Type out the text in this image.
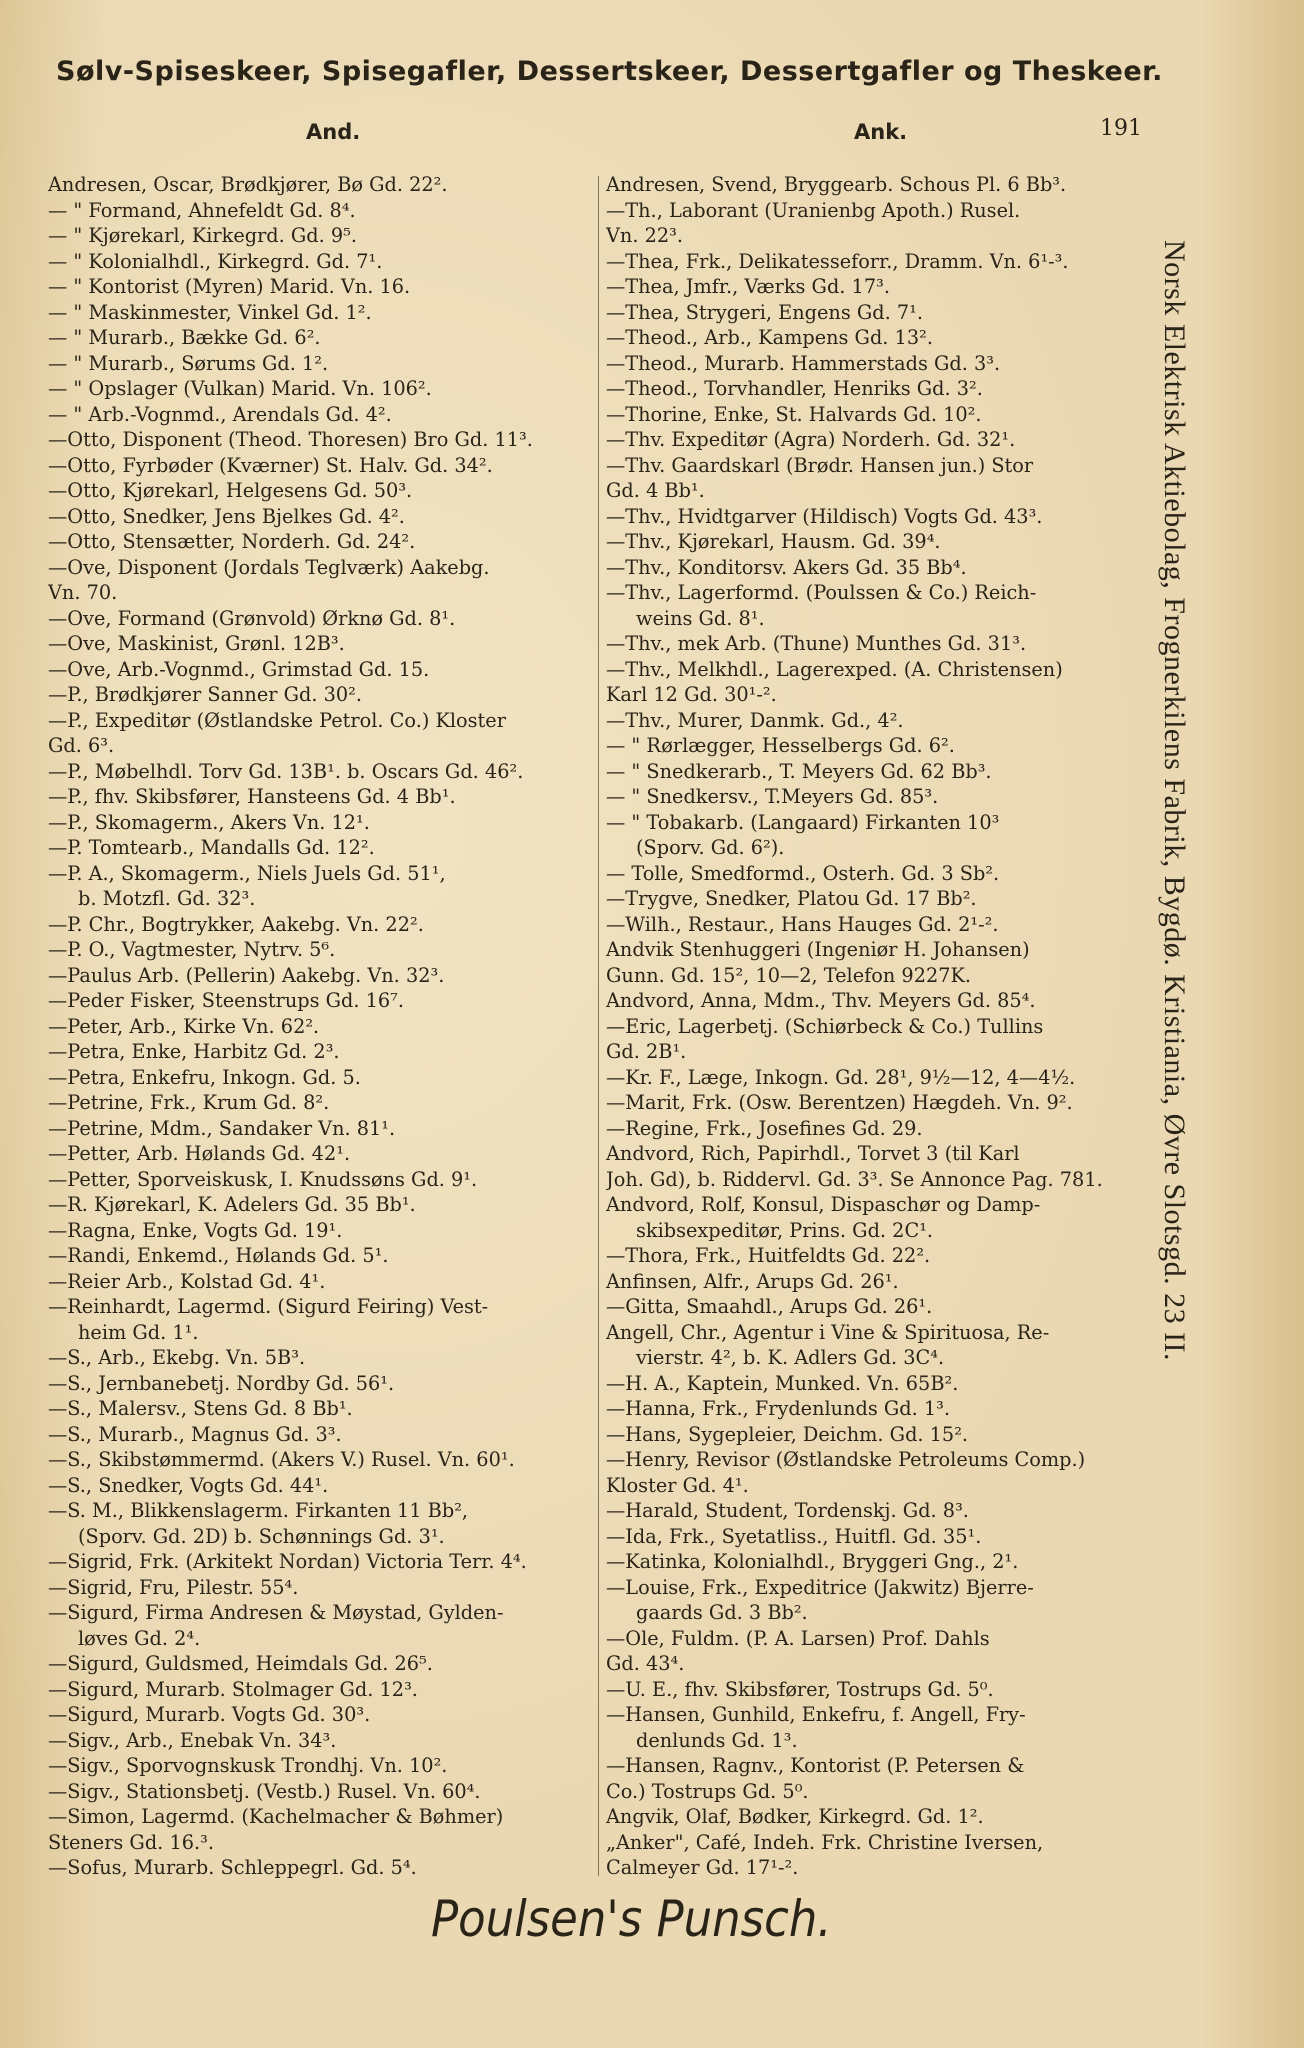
Sølv-Spiseskeer, Spisegafler, Dessertskeer, Dessertgafler og Theskeer.
And.	Ank.	191
Andresen, Oscar, Brødkjører, Bø Gd. 22².
— " Formand, Ahnefeldt Gd. 8⁴.
— " Kjørekarl, Kirkegrd. Gd. 9⁵.
— " Kolonialhdl., Kirkegrd. Gd. 7¹.
— " Kontorist (Myren) Marid. Vn. 16.
— " Maskinmester, Vinkel Gd. 1².
— " Murarb., Bække Gd. 6².
— " Murarb., Sørums Gd. 1².
— " Opslager (Vulkan) Marid. Vn. 106².
— " Arb.-Vognmd., Arendals Gd. 4².
—Otto, Disponent (Theod. Thoresen) Bro Gd. 11³.
—Otto, Fyrbøder (Kværner) St. Halv. Gd. 34².
—Otto, Kjørekarl, Helgesens Gd. 50³.
—Otto, Snedker, Jens Bjelkes Gd. 4².
—Otto, Stensætter, Norderh. Gd. 24².
—Ove, Disponent (Jordals Teglværk) Aakebg.
Vn. 70.
—Ove, Formand (Grønvold) Ørknø Gd. 8¹.
—Ove, Maskinist, Grønl. 12B³.
—Ove, Arb.-Vognmd., Grimstad Gd. 15.
—P., Brødkjører Sanner Gd. 30².
—P., Expeditør (Østlandske Petrol. Co.) Kloster
Gd. 6³.
—P., Møbelhdl. Torv Gd. 13B¹. b. Oscars Gd. 46².
—P., fhv. Skibsfører, Hansteens Gd. 4 Bb¹.
—P., Skomagerm., Akers Vn. 12¹.
—P. Tomtearb., Mandalls Gd. 12².
—P. A., Skomagerm., Niels Juels Gd. 51¹,
b. Motzfl. Gd. 32³.
—P. Chr., Bogtrykker, Aakebg. Vn. 22².
—P. O., Vagtmester, Nytrv. 5⁶.
—Paulus Arb. (Pellerin) Aakebg. Vn. 32³.
—Peder Fisker, Steenstrups Gd. 16⁷.
—Peter, Arb., Kirke Vn. 62².
—Petra, Enke, Harbitz Gd. 2³.
—Petra, Enkefru, Inkogn. Gd. 5.
—Petrine, Frk., Krum Gd. 8².
—Petrine, Mdm., Sandaker Vn. 81¹.
—Petter, Arb. Hølands Gd. 42¹.
—Petter, Sporveiskusk, I. Knudssøns Gd. 9¹.
—R. Kjørekarl, K. Adelers Gd. 35 Bb¹.
—Ragna, Enke, Vogts Gd. 19¹.
—Randi, Enkemd., Hølands Gd. 5¹.
—Reier Arb., Kolstad Gd. 4¹.
—Reinhardt, Lagermd. (Sigurd Feiring) Vest-
heim Gd. 1¹.
—S., Arb., Ekebg. Vn. 5B³.
—S., Jernbanebetj. Nordby Gd. 56¹.
—S., Malersv., Stens Gd. 8 Bb¹.
—S., Murarb., Magnus Gd. 3³.
—S., Skibstømmermd. (Akers V.) Rusel. Vn. 60¹.
—S., Snedker, Vogts Gd. 44¹.
—S. M., Blikkenslagerm. Firkanten 11 Bb²,
(Sporv. Gd. 2D) b. Schønnings Gd. 3¹.
—Sigrid, Frk. (Arkitekt Nordan) Victoria Terr. 4⁴.
—Sigrid, Fru, Pilestr. 55⁴.
—Sigurd, Firma Andresen & Møystad, Gylden-
løves Gd. 2⁴.
—Sigurd, Guldsmed, Heimdals Gd. 26⁵.
—Sigurd, Murarb. Stolmager Gd. 12³.
—Sigurd, Murarb. Vogts Gd. 30³.
—Sigv., Arb., Enebak Vn. 34³.
—Sigv., Sporvognskusk Trondhj. Vn. 10².
—Sigv., Stationsbetj. (Vestb.) Rusel. Vn. 60⁴.
—Simon, Lagermd. (Kachelmacher & Bøhmer)
Steners Gd. 16.³.
—Sofus, Murarb. Schleppegrl. Gd. 5⁴.
Andresen, Svend, Bryggearb. Schous Pl. 6 Bb³.
—Th., Laborant (Uranienbg Apoth.) Rusel.
Vn. 22³.
—Thea, Frk., Delikatesseforr., Dramm. Vn. 6¹-³.
—Thea, Jmfr., Værks Gd. 17³.
—Thea, Strygeri, Engens Gd. 7¹.
—Theod., Arb., Kampens Gd. 13².
—Theod., Murarb. Hammerstads Gd. 3³.
—Theod., Torvhandler, Henriks Gd. 3².
—Thorine, Enke, St. Halvards Gd. 10².
—Thv. Expeditør (Agra) Norderh. Gd. 32¹.
—Thv. Gaardskarl (Brødr. Hansen jun.) Stor
Gd. 4 Bb¹.
—Thv., Hvidtgarver (Hildisch) Vogts Gd. 43³.
—Thv., Kjørekarl, Hausm. Gd. 39⁴.
—Thv., Konditorsv. Akers Gd. 35 Bb⁴.
—Thv., Lagerformd. (Poulssen & Co.) Reich-
weins Gd. 8¹.
—Thv., mek Arb. (Thune) Munthes Gd. 31³.
—Thv., Melkhdl., Lagerexped. (A. Christensen)
Karl 12 Gd. 30¹-².
—Thv., Murer, Danmk. Gd., 4².
— " Rørlægger, Hesselbergs Gd. 6².
— " Snedkerarb., T. Meyers Gd. 62 Bb³.
— " Snedkersv., T.Meyers Gd. 85³.
— " Tobakarb. (Langaard) Firkanten 10³
(Sporv. Gd. 6²).
— Tolle, Smedformd., Osterh. Gd. 3 Sb².
—Trygve, Snedker, Platou Gd. 17 Bb².
—Wilh., Restaur., Hans Hauges Gd. 2¹-².
Andvik Stenhuggeri (Ingeniør H. Johansen)
Gunn. Gd. 15², 10—2, Telefon 9227K.
Andvord, Anna, Mdm., Thv. Meyers Gd. 85⁴.
—Eric, Lagerbetj. (Schiørbeck & Co.) Tullins
Gd. 2B¹.
—Kr. F., Læge, Inkogn. Gd. 28¹, 9½—12, 4—4½.
—Marit, Frk. (Osw. Berentzen) Hægdeh. Vn. 9².
—Regine, Frk., Josefines Gd. 29.
Andvord, Rich, Papirhdl., Torvet 3 (til Karl
Joh. Gd), b. Riddervl. Gd. 3³. Se Annonce Pag. 781.
Andvord, Rolf, Konsul, Dispaschør og Damp-
skibsexpeditør, Prins. Gd. 2C¹.
—Thora, Frk., Huitfeldts Gd. 22².
Anfinsen, Alfr., Arups Gd. 26¹.
—Gitta, Smaahdl., Arups Gd. 26¹.
Angell, Chr., Agentur i Vine & Spirituosa, Re-
vierstr. 4², b. K. Adlers Gd. 3C⁴.
—H. A., Kaptein, Munked. Vn. 65B².
—Hanna, Frk., Frydenlunds Gd. 1³.
—Hans, Sygepleier, Deichm. Gd. 15².
—Henry, Revisor (Østlandske Petroleums Comp.)
Kloster Gd. 4¹.
—Harald, Student, Tordenskj. Gd. 8³.
—Ida, Frk., Syetatliss., Huitfl. Gd. 35¹.
—Katinka, Kolonialhdl., Bryggeri Gng., 2¹.
—Louise, Frk., Expeditrice (Jakwitz) Bjerre-
gaards Gd. 3 Bb².
—Ole, Fuldm. (P. A. Larsen) Prof. Dahls
Gd. 43⁴.
—U. E., fhv. Skibsfører, Tostrups Gd. 5⁰.
—Hansen, Gunhild, Enkefru, f. Angell, Fry-
denlunds Gd. 1³.
—Hansen, Ragnv., Kontorist (P. Petersen &
Co.) Tostrups Gd. 5⁰.
Angvik, Olaf, Bødker, Kirkegrd. Gd. 1².
„Anker", Café, Indeh. Frk. Christine Iversen,
Calmeyer Gd. 17¹-².
Norsk Elektrisk Aktiebolag, Frognerkilens Fabrik, Bygdø. Kristiania, Øvre Slotsgd. 23 II.
Poulsen's Punsch.
